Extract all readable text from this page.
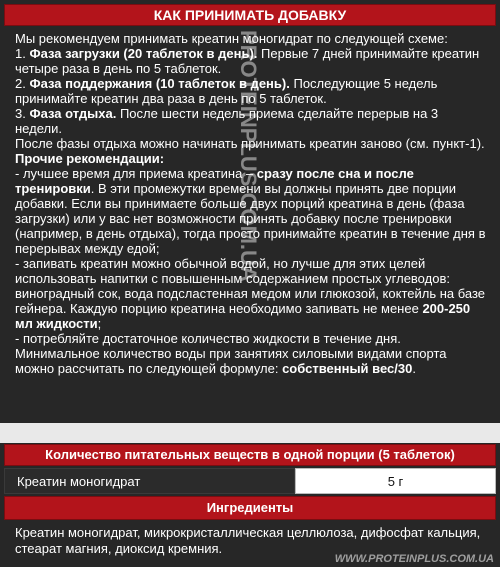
КАК ПРИНИМАТЬ ДОБАВКУ
Мы рекомендуем принимать креатин моногидрат по следующей схеме:
1. Фаза загрузки (20 таблеток в день). Первые 7 дней принимайте креатин четыре раза в день по 5 таблеток.
2. Фаза поддержания (10 таблеток в день). Последующие 5 недель принимайте креатин два раза в день по 5 таблеток.
3. Фаза отдыха. После шести недель приема сделайте перерыв на 3 недели.
После фазы отдыха можно начинать принимать креатин заново (см. пункт-1).
Прочие рекомендации:
- лучшее время для приема креатина – сразу после сна и после тренировки. В эти промежутки времени вы должны принять две порции добавки. Если вы принимаете больше двух порций креатина в день (фаза загрузки) или у вас нет возможности принять добавку после тренировки (например, в день отдыха), тогда просто принимайте креатин в течение дня в перерывах между едой;
- запивать креатин можно обычной водой, но лучше для этих целей использовать напитки с повышенным содержанием простых углеводов: виноградный сок, вода подсластенная медом или глюкозой, коктейль на базе гейнера. Каждую порцию креатина необходимо запивать не менее 200-250 мл жидкости;
- потребляйте достаточное количество жидкости в течение дня. Минимальное количество воды при занятиях силовыми видами спорта можно рассчитать по следующей формуле: собственный вес/30.
Количество питательных веществ в одной порции (5 таблеток)
Креатин моногидрат	5 г
Ингредиенты
Креатин моногидрат, микрокристаллическая целлюлоза, дифосфат кальция, стеарат магния, диоксид кремния.
PROTEINPLUS.COM.UA
WWW.PROTEINPLUS.COM.UA
